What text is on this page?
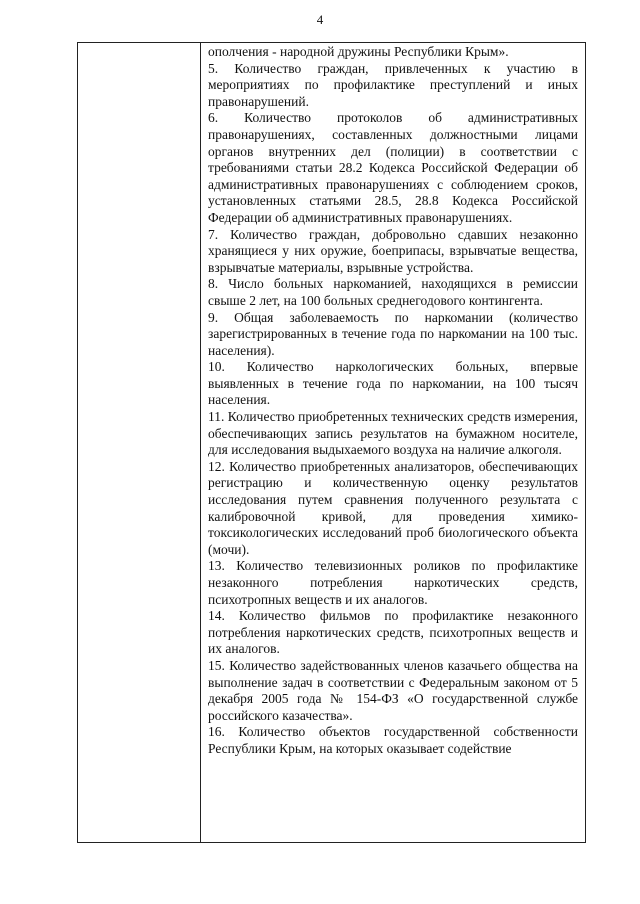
4

ополчения - народной дружины Республики Крым».

5. Количество граждан, привлеченных к участию в мероприятиях по профилактике преступлений и иных правонарушений.

6. Количество протоколов об административных правонарушениях, составленных должностными лицами органов внутренних дел (полиции) в соответствии с требованиями статьи 28.2 Кодекса Российской Федерации об административных правонарушениях с соблюдением сроков, установленных статьями 28.5, 28.8 Кодекса Российской Федерации об административных правонарушениях.

7. Количество граждан, добровольно сдавших незаконно хранящиеся у них оружие, боеприпасы, взрывчатые вещества, взрывчатые материалы, взрывные устройства.

8. Число больных наркоманией, находящихся в ремиссии свыше 2 лет, на 100 больных среднегодового контингента.

9. Общая заболеваемость по наркомании (количество зарегистрированных в течение года по наркомании на 100 тыс. населения).

10. Количество наркологических больных, впервые выявленных в течение года по наркомании, на 100 тысяч населения.

11. Количество приобретенных технических средств измерения, обеспечивающих запись результатов на бумажном носителе, для исследования выдыхаемого воздуха на наличие алкоголя.

12. Количество приобретенных анализаторов, обеспечивающих регистрацию и количественную оценку результатов исследования путем сравнения полученного результата с калибровочной кривой, для проведения химико-токсикологических исследований проб биологического объекта (мочи).

13. Количество телевизионных роликов по профилактике незаконного потребления наркотических средств, психотропных веществ и их аналогов.

14. Количество фильмов по профилактике незаконного потребления наркотических средств, психотропных веществ и их аналогов.

15. Количество задействованных членов казачьего общества на выполнение задач в соответствии с Федеральным законом от 5 декабря 2005 года № 154-ФЗ «О государственной службе российского казачества».

16. Количество объектов государственной собственности Республики Крым, на которых оказывает содействие
